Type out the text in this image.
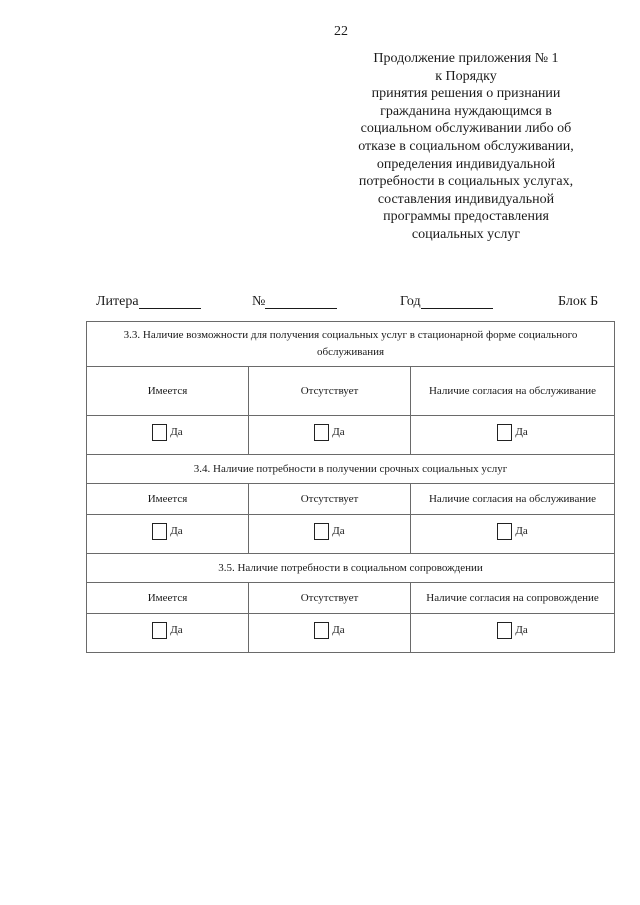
22
Продолжение приложения № 1
к Порядку
принятия решения о признании
гражданина нуждающимся в
социальном обслуживании либо об
отказе в социальном обслуживании,
определения индивидуальной
потребности в социальных услугах,
составления индивидуальной
программы предоставления
социальных услуг
Литера	№	Год	Блок Б
3.3. Наличие возможности для получения социальных услуг в стационарной форме социального обслуживания		
Имеется	Отсутствует	Наличие согласия на обслуживание

Да	Да	Да

3.4. Наличие потребности в получении срочных социальных услуг		
Имеется	Отсутствует	Наличие согласия на обслуживание

Да	Да	Да

3.5. Наличие потребности в социальном сопровождении		
Имеется	Отсутствует	Наличие согласия на сопровождение

Да	Да	Да
